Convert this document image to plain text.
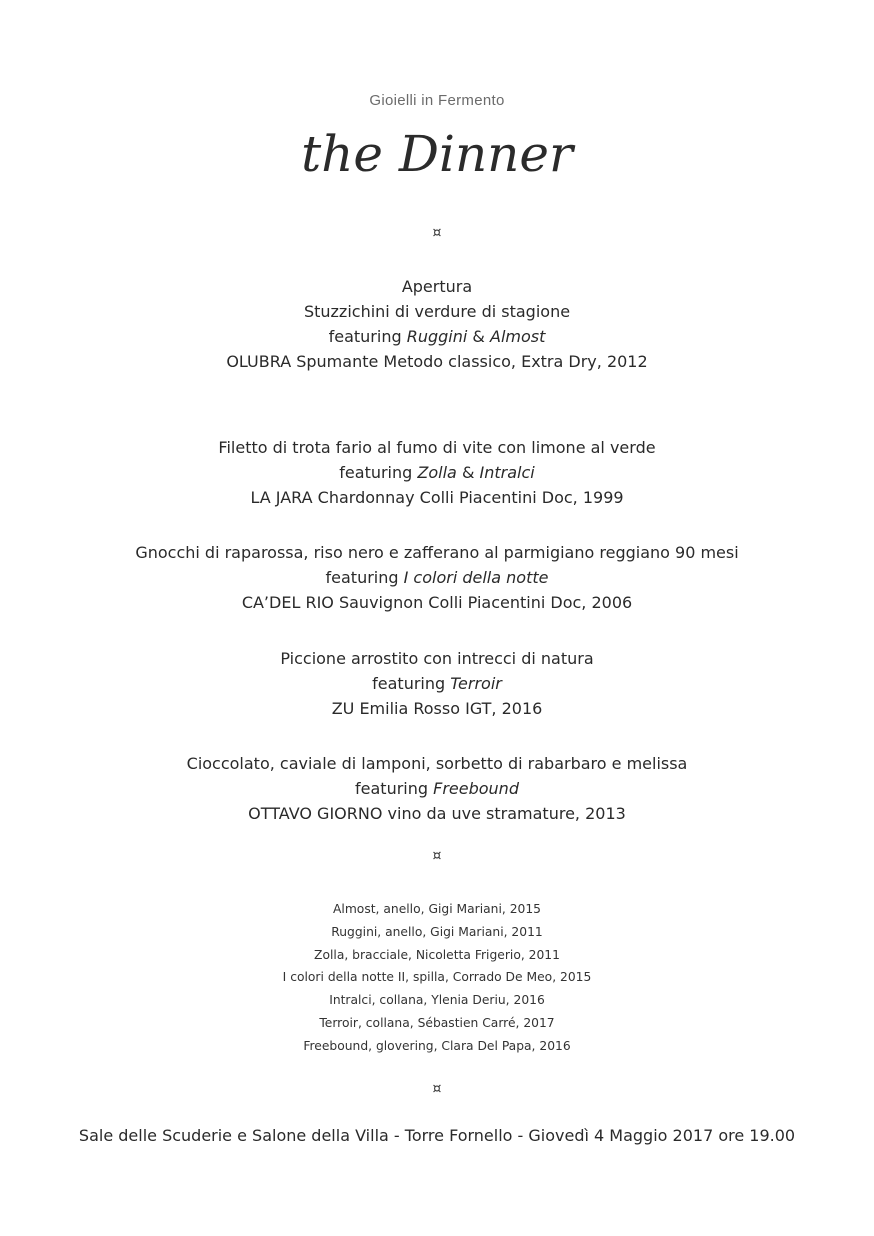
Gioielli in Fermento
the Dinner
¤
Apertura
Stuzzichini di verdure di stagione
featuring Ruggini & Almost
OLUBRA Spumante Metodo classico, Extra Dry, 2012
Filetto di trota fario al fumo di vite con limone al verde
featuring Zolla & Intralci
LA JARA Chardonnay Colli Piacentini Doc, 1999
Gnocchi di raparossa, riso nero e zafferano al parmigiano reggiano 90 mesi
featuring I colori della notte
CA’DEL RIO Sauvignon Colli Piacentini Doc, 2006
Piccione arrostito con intrecci di natura
featuring Terroir
ZU Emilia Rosso IGT, 2016
Cioccolato, caviale di lamponi, sorbetto di rabarbaro e melissa
featuring Freebound
OTTAVO GIORNO vino da uve stramature, 2013
¤
Almost, anello, Gigi Mariani, 2015
Ruggini, anello, Gigi Mariani, 2011
Zolla, bracciale, Nicoletta Frigerio, 2011
I colori della notte II, spilla, Corrado De Meo, 2015
Intralci, collana, Ylenia Deriu, 2016
Terroir, collana, Sébastien Carré, 2017
Freebound, glovering, Clara Del Papa, 2016
¤
Sale delle Scuderie e Salone della Villa - Torre Fornello - Giovedì 4 Maggio 2017 ore 19.00
